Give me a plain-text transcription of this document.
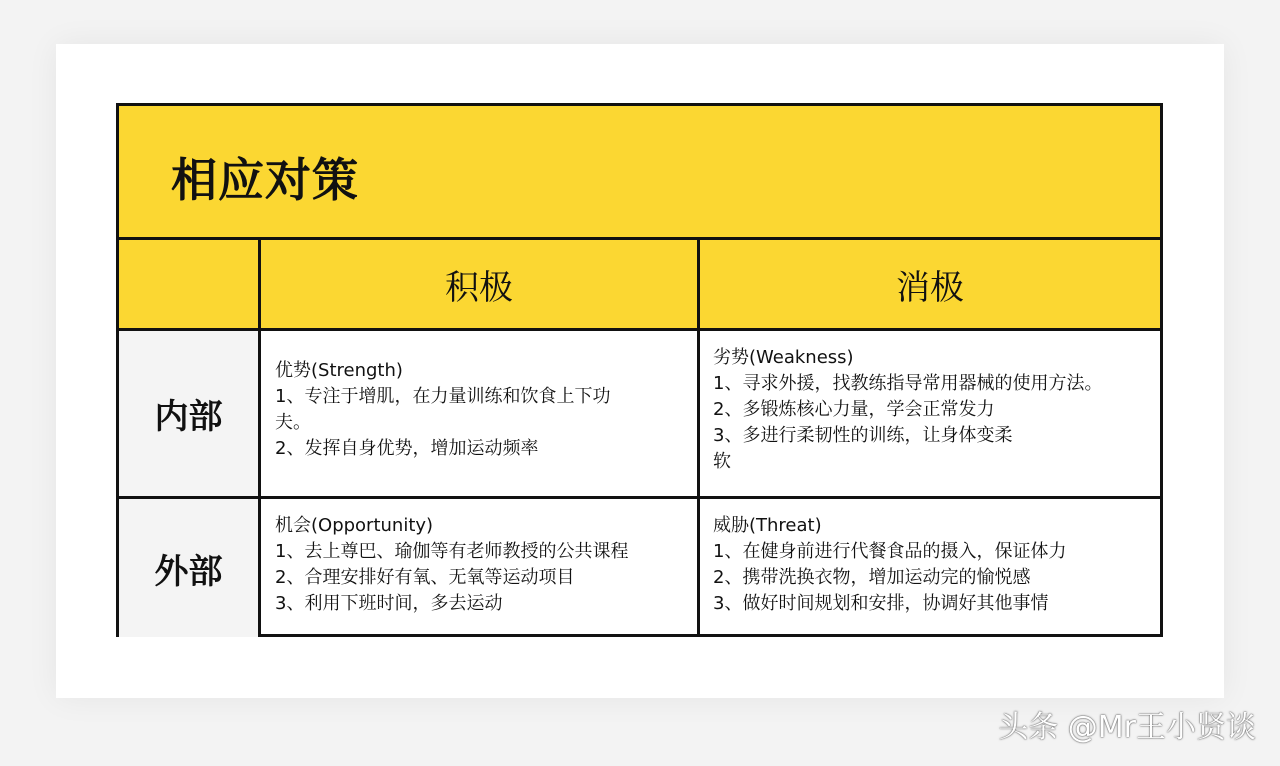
相应对策
积极	消极
内部
外部
优势(Strength)
1、专注于增肌，在力量训练和饮食上下功
夫。
2、发挥自身优势，增加运动频率
劣势(Weakness)
1、寻求外援，找教练指导常用器械的使用方法。
2、多锻炼核心力量，学会正常发力
3、多进行柔韧性的训练，让身体变柔
软
机会(Opportunity)
1、去上尊巴、瑜伽等有老师教授的公共课程
2、合理安排好有氧、无氧等运动项目
3、利用下班时间，多去运动
威胁(Threat)
1、在健身前进行代餐食品的摄入，保证体力
2、携带洗换衣物，增加运动完的愉悦感
3、做好时间规划和安排，协调好其他事情
头条 @Mr王小贤谈
